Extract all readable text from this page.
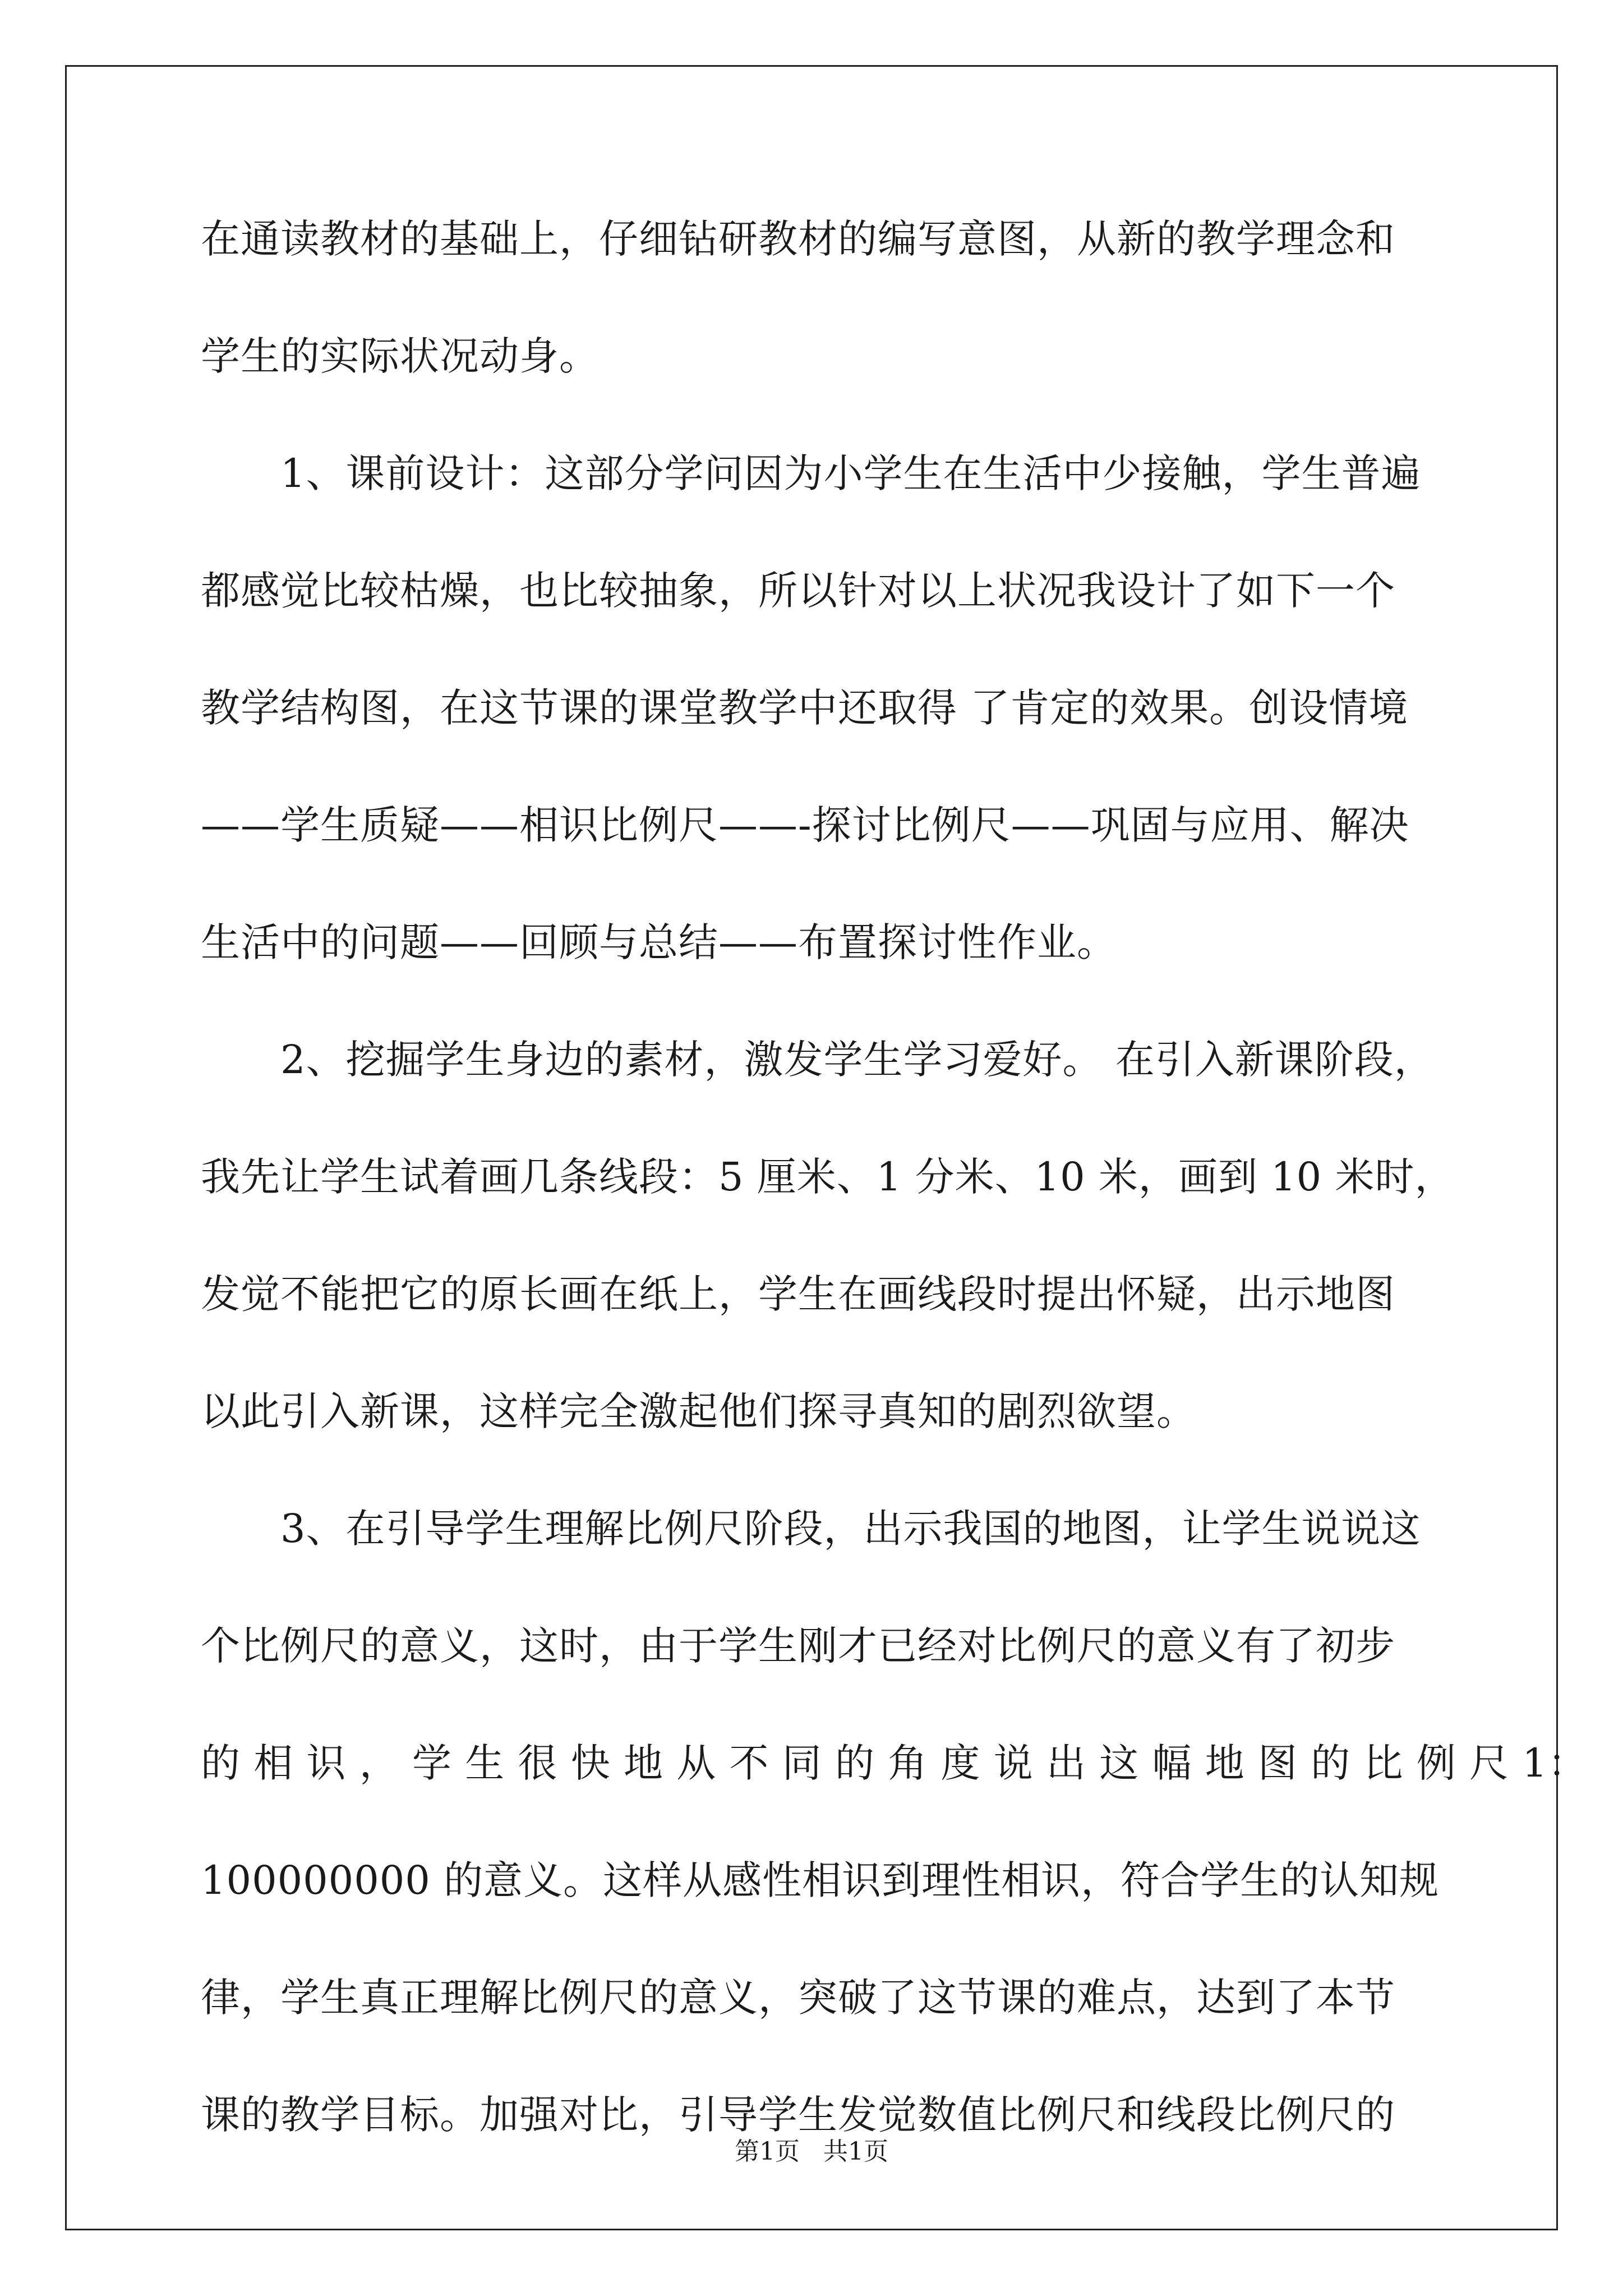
在通读教材的基础上，仔细钻研教材的编写意图，从新的教学理念和
学生的实际状况动身。
　　1、课前设计：这部分学问因为小学生在生活中少接触，学生普遍
都感觉比较枯燥，也比较抽象，所以针对以上状况我设计了如下一个
教学结构图，在这节课的课堂教学中还取得 了肯定的效果。创设情境
——学生质疑——相识比例尺——-探讨比例尺——巩固与应用、解决
生活中的问题——回顾与总结——布置探讨性作业。
　　2、挖掘学生身边的素材，激发学生学习爱好。 在引入新课阶段，
我先让学生试着画几条线段：5 厘米、1 分米、10 米，画到 10 米时，
发觉不能把它的原长画在纸上，学生在画线段时提出怀疑，出示地图
以此引入新课，这样完全激起他们探寻真知的剧烈欲望。
　　3、在引导学生理解比例尺阶段，出示我国的地图，让学生说说这
个比例尺的意义，这时，由于学生刚才已经对比例尺的意义有了初步
的 相 识 ， 学 生 很 快 地 从 不 同 的 角 度 说 出 这 幅 地 图 的 比 例 尺 1：
100000000 的意义。这样从感性相识到理性相识，符合学生的认知规
律，学生真正理解比例尺的意义，突破了这节课的难点，达到了本节
课的教学目标。加强对比，引导学生发觉数值比例尺和线段比例尺的
第1页   共1页
